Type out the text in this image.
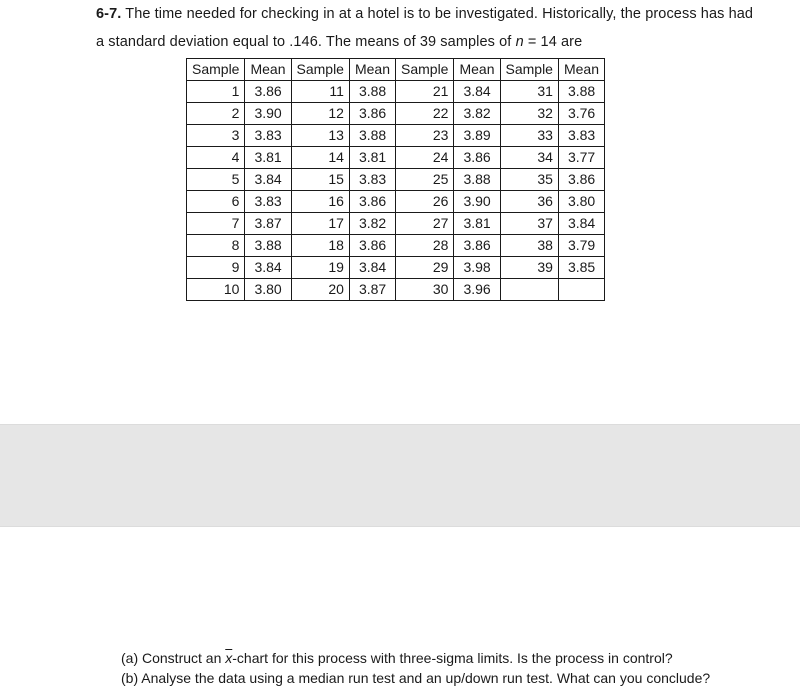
6-7. The time needed for checking in at a hotel is to be investigated. Historically, the process has had
a standard deviation equal to .146. The means of 39 samples of n = 14 are
Sample	Mean	Sample	Mean	Sample	Mean	Sample	Mean
1	3.86	11	3.88	21	3.84	31	3.88
2	3.90	12	3.86	22	3.82	32	3.76
3	3.83	13	3.88	23	3.89	33	3.83
4	3.81	14	3.81	24	3.86	34	3.77
5	3.84	15	3.83	25	3.88	35	3.86
6	3.83	16	3.86	26	3.90	36	3.80
7	3.87	17	3.82	27	3.81	37	3.84
8	3.88	18	3.86	28	3.86	38	3.79
9	3.84	19	3.84	29	3.98	39	3.85
10	3.80	20	3.87	30	3.96		
(a) Construct an $\overline{x}$-chart for this process with three-sigma limits. Is the process in control?
(b) Analyse the data using a median run test and an up/down run test. What can you conclude?
